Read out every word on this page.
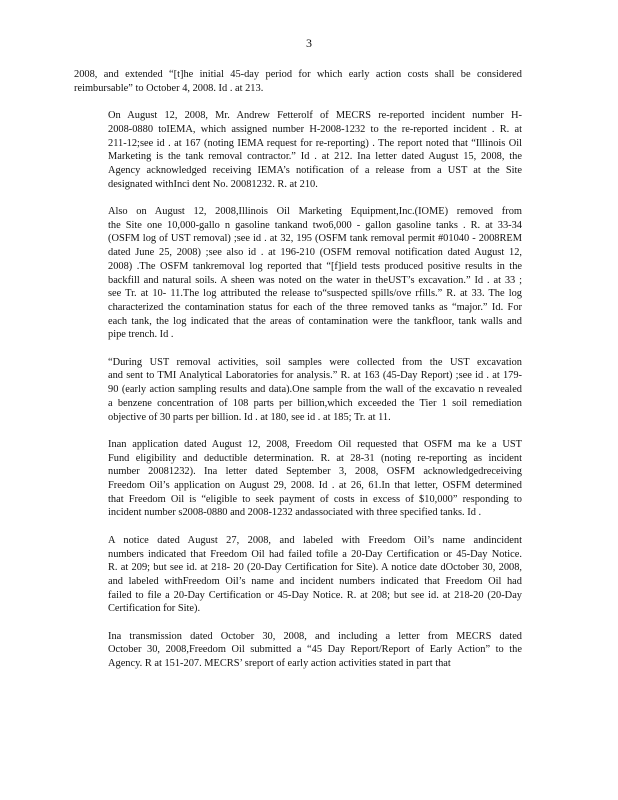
3
2008, and extended “[t]he initial 45-day period for which early action costs shall be considered
reimbursable” to October 4, 2008. Id . at 213.
On August 12, 2008, Mr. Andrew Fetterolf of MECRS re-reported incident number H-
2008-0880 toIEMA, which assigned number H-2008-1232 to the re-reported incident . R. at
211-12;see id . at 167 (noting IEMA request for re-reporting) . The report noted that “Illinois Oil
Marketing is the tank removal contractor.” Id . at 212. Ina letter dated August 15, 2008, the
Agency acknowledged receiving IEMA’s notification of a release from a UST at the Site
designated withInci dent No. 20081232. R. at 210.
Also on August 12, 2008,Illinois Oil Marketing Equipment,Inc.(IOME) removed from
the Site one 10,000-gallo n gasoline tankand two6,000 - gallon gasoline tanks . R. at 33-34
(OSFM log of UST removal) ;see id . at 32, 195 (OSFM tank removal permit #01040 - 2008REM
dated June 25, 2008) ;see also id . at 196-210 (OSFM removal notification dated August 12,
2008) .The OSFM tankremoval log reported that “[f]ield tests produced positive results in the
backfill and natural soils. A sheen was noted on the water in theUST’s excavation.” Id . at 33 ;
see Tr. at 10- 11.The log attributed the release to“suspected spills/ove rfills.” R. at 33. The log
characterized the contamination status for each of the three removed tanks as “major.” Id. For
each tank, the log indicated that the areas of contamination were the tankfloor, tank walls and
pipe trench. Id .
“During UST removal activities, soil samples were collected from the UST excavation
and sent to TMI Analytical Laboratories for analysis.” R. at 163 (45-Day Report) ;see id . at 179-
90 (early action sampling results and data).One sample from the wall of the excavatio n revealed
a benzene concentration of 108 parts per billion,which exceeded the Tier 1 soil remediation
objective of 30 parts per billion. Id . at 180, see id . at 185; Tr. at 11.
Inan application dated August 12, 2008, Freedom Oil requested that OSFM ma ke a UST
Fund eligibility and deductible determination. R. at 28-31 (noting re-reporting as incident
number 20081232). Ina letter dated September 3, 2008, OSFM acknowledgedreceiving
Freedom Oil’s application on August 29, 2008. Id . at 26, 61.In that letter, OSFM determined
that Freedom Oil is “eligible to seek payment of costs in excess of $10,000” responding to
incident number s2008-0880 and 2008-1232 andassociated with three specified tanks. Id .
A notice dated August 27, 2008, and labeled with Freedom Oil’s name andincident
numbers indicated that Freedom Oil had failed tofile a 20-Day Certification or 45-Day Notice.
R. at 209; but see id. at 218- 20 (20-Day Certification for Site). A notice date dOctober 30, 2008,
and labeled withFreedom Oil’s name and incident numbers indicated that Freedom Oil had
failed to file a 20-Day Certification or 45-Day Notice. R. at 208; but see id. at 218-20 (20-Day
Certification for Site).
Ina transmission dated October 30, 2008, and including a letter from MECRS dated
October 30, 2008,Freedom Oil submitted a “45 Day Report/Report of Early Action” to the
Agency. R at 151-207. MECRS’ sreport of early action activities stated in part that
